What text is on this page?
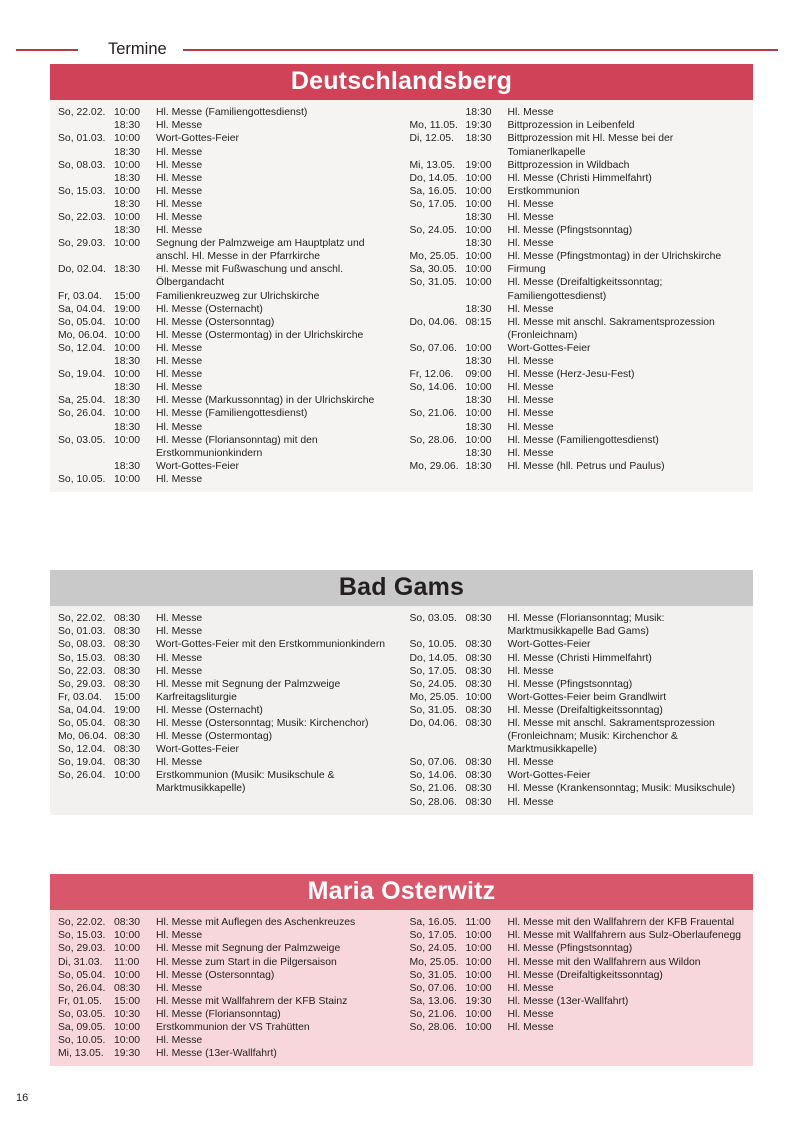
Termine
Deutschlandsberg
So, 22.02.	10:00	Hl. Messe (Familiengottesdienst)
	18:30	Hl. Messe
So, 01.03.	10:00	Wort-Gottes-Feier
	18:30	Hl. Messe
So, 08.03.	10:00	Hl. Messe
	18:30	Hl. Messe
So, 15.03.	10:00	Hl. Messe
	18:30	Hl. Messe
So, 22.03.	10:00	Hl. Messe
	18:30	Hl. Messe
So, 29.03.	10:00	Segnung der Palmzweige am Hauptplatz und anschl. Hl. Messe in der Pfarrkirche
Do, 02.04.	18:30	Hl. Messe mit Fußwaschung und anschl. Ölbergandacht
Fr, 03.04.	15:00	Familienkreuzweg zur Ulrichskirche
Sa, 04.04.	19:00	Hl. Messe (Osternacht)
So, 05.04.	10:00	Hl. Messe (Ostersonntag)
Mo, 06.04.	10:00	Hl. Messe (Ostermontag) in der Ulrichskirche
So, 12.04.	10:00	Hl. Messe
	18:30	Hl. Messe
So, 19.04.	10:00	Hl. Messe
	18:30	Hl. Messe
Sa, 25.04.	18:30	Hl. Messe (Markussonntag) in der Ulrichskirche
So, 26.04.	10:00	Hl. Messe (Familiengottesdienst)
	18:30	Hl. Messe
So, 03.05.	10:00	Hl. Messe (Floriansonntag) mit den Erstkommunionkindern
	18:30	Wort-Gottes-Feier
So, 10.05.	10:00	Hl. Messe
	18:30	Hl. Messe
Mo, 11.05.	19:30	Bittprozession in Leibenfeld
Di, 12.05.	18:30	Bittprozession mit Hl. Messe bei der Tomianerlkapelle
Mi, 13.05.	19:00	Bittprozession in Wildbach
Do, 14.05.	10:00	Hl. Messe (Christi Himmelfahrt)
Sa, 16.05.	10:00	Erstkommunion
So, 17.05.	10:00	Hl. Messe
	18:30	Hl. Messe
So, 24.05.	10:00	Hl. Messe (Pfingstsonntag)
	18:30	Hl. Messe
Mo, 25.05.	10:00	Hl. Messe (Pfingstmontag) in der Ulrichskirche
Sa, 30.05.	10:00	Firmung
So, 31.05.	10:00	Hl. Messe (Dreifaltigkeitssonntag; Familiengottesdienst)
	18:30	Hl. Messe
Do, 04.06.	08:15	Hl. Messe mit anschl. Sakramentsprozession (Fronleichnam)
So, 07.06.	10:00	Wort-Gottes-Feier
	18:30	Hl. Messe
Fr, 12.06.	09:00	Hl. Messe (Herz-Jesu-Fest)
So, 14.06.	10:00	Hl. Messe
	18:30	Hl. Messe
So, 21.06.	10:00	Hl. Messe
	18:30	Hl. Messe
So, 28.06.	10:00	Hl. Messe (Familiengottesdienst)
	18:30	Hl. Messe
Mo, 29.06.	18:30	Hl. Messe (hll. Petrus und Paulus)
Bad Gams
So, 22.02.	08:30	Hl. Messe
So, 01.03.	08:30	Hl. Messe
So, 08.03.	08:30	Wort-Gottes-Feier mit den Erstkommunionkindern
So, 15.03.	08:30	Hl. Messe
So, 22.03.	08:30	Hl. Messe
So, 29.03.	08:30	Hl. Messe mit Segnung der Palmzweige
Fr, 03.04.	15:00	Karfreitagsliturgie
Sa, 04.04.	19:00	Hl. Messe (Osternacht)
So, 05.04.	08:30	Hl. Messe (Ostersonntag; Musik: Kirchenchor)
Mo, 06.04.	08:30	Hl. Messe (Ostermontag)
So, 12.04.	08:30	Wort-Gottes-Feier
So, 19.04.	08:30	Hl. Messe
So, 26.04.	10:00	Erstkommunion (Musik: Musikschule & Marktmusikkapelle)
So, 03.05.	08:30	Hl. Messe (Floriansonntag; Musik: Marktmusikkapelle Bad Gams)
So, 10.05.	08:30	Wort-Gottes-Feier
Do, 14.05.	08:30	Hl. Messe (Christi Himmelfahrt)
So, 17.05.	08:30	Hl. Messe
So, 24.05.	08:30	Hl. Messe (Pfingstsonntag)
Mo, 25.05.	10:00	Wort-Gottes-Feier beim Grandlwirt
So, 31.05.	08:30	Hl. Messe (Dreifaltigkeitssonntag)
Do, 04.06.	08:30	Hl. Messe mit anschl. Sakramentsprozession (Fronleichnam; Musik: Kirchenchor & Marktmusikkapelle)
So, 07.06.	08:30	Hl. Messe
So, 14.06.	08:30	Wort-Gottes-Feier
So, 21.06.	08:30	Hl. Messe (Krankensonntag; Musik: Musikschule)
So, 28.06.	08:30	Hl. Messe
Maria Osterwitz
So, 22.02.	08:30	Hl. Messe mit Auflegen des Aschenkreuzes
So, 15.03.	10:00	Hl. Messe
So, 29.03.	10:00	Hl. Messe mit Segnung der Palmzweige
Di, 31.03.	11:00	Hl. Messe zum Start in die Pilgersaison
So, 05.04.	10:00	Hl. Messe (Ostersonntag)
So, 26.04.	08:30	Hl. Messe
Fr, 01.05.	15:00	Hl. Messe mit Wallfahrern der KFB Stainz
So, 03.05.	10:30	Hl. Messe (Floriansonntag)
Sa, 09.05.	10:00	Erstkommunion der VS Trahütten
So, 10.05.	10:00	Hl. Messe
Mi, 13.05.	19:30	Hl. Messe (13er-Wallfahrt)
Sa, 16.05.	11:00	Hl. Messe mit den Wallfahrern der KFB Frauental
So, 17.05.	10:00	Hl. Messe mit Wallfahrern aus Sulz-Oberlaufenegg
So, 24.05.	10:00	Hl. Messe (Pfingstsonntag)
Mo, 25.05.	10:00	Hl. Messe mit den Wallfahrern aus Wildon
So, 31.05.	10:00	Hl. Messe (Dreifaltigkeitssonntag)
So, 07.06.	10:00	Hl. Messe
Sa, 13.06.	19:30	Hl. Messe (13er-Wallfahrt)
So, 21.06.	10:00	Hl. Messe
So, 28.06.	10:00	Hl. Messe
16
